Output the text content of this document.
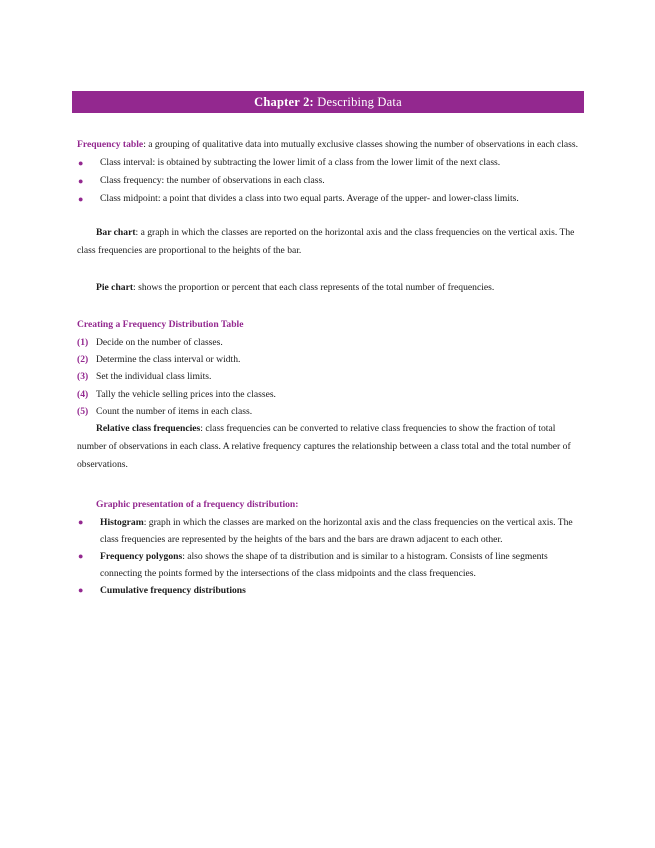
Chapter 2: Describing Data

Frequency table: a grouping of qualitative data into mutually exclusive classes showing the number of observations in each class.

● Class interval: is obtained by subtracting the lower limit of a class from the lower limit of the next class.
● Class frequency: the number of observations in each class.
● Class midpoint: a point that divides a class into two equal parts. Average of the upper- and lower-class limits.

Bar chart: a graph in which the classes are reported on the horizontal axis and the class frequencies on the vertical axis. The class frequencies are proportional to the heights of the bar.

Pie chart: shows the proportion or percent that each class represents of the total number of frequencies.

Creating a Frequency Distribution Table

(1) Decide on the number of classes.
(2) Determine the class interval or width.
(3) Set the individual class limits.
(4) Tally the vehicle selling prices into the classes.
(5) Count the number of items in each class.

Relative class frequencies: class frequencies can be converted to relative class frequencies to show the fraction of total number of observations in each class. A relative frequency captures the relationship between a class total and the total number of observations.

Graphic presentation of a frequency distribution:

● Histogram: graph in which the classes are marked on the horizontal axis and the class frequencies on the vertical axis. The class frequencies are represented by the heights of the bars and the bars are drawn adjacent to each other.
● Frequency polygons: also shows the shape of ta distribution and is similar to a histogram. Consists of line segments connecting the points formed by the intersections of the class midpoints and the class frequencies.
● Cumulative frequency distributions
